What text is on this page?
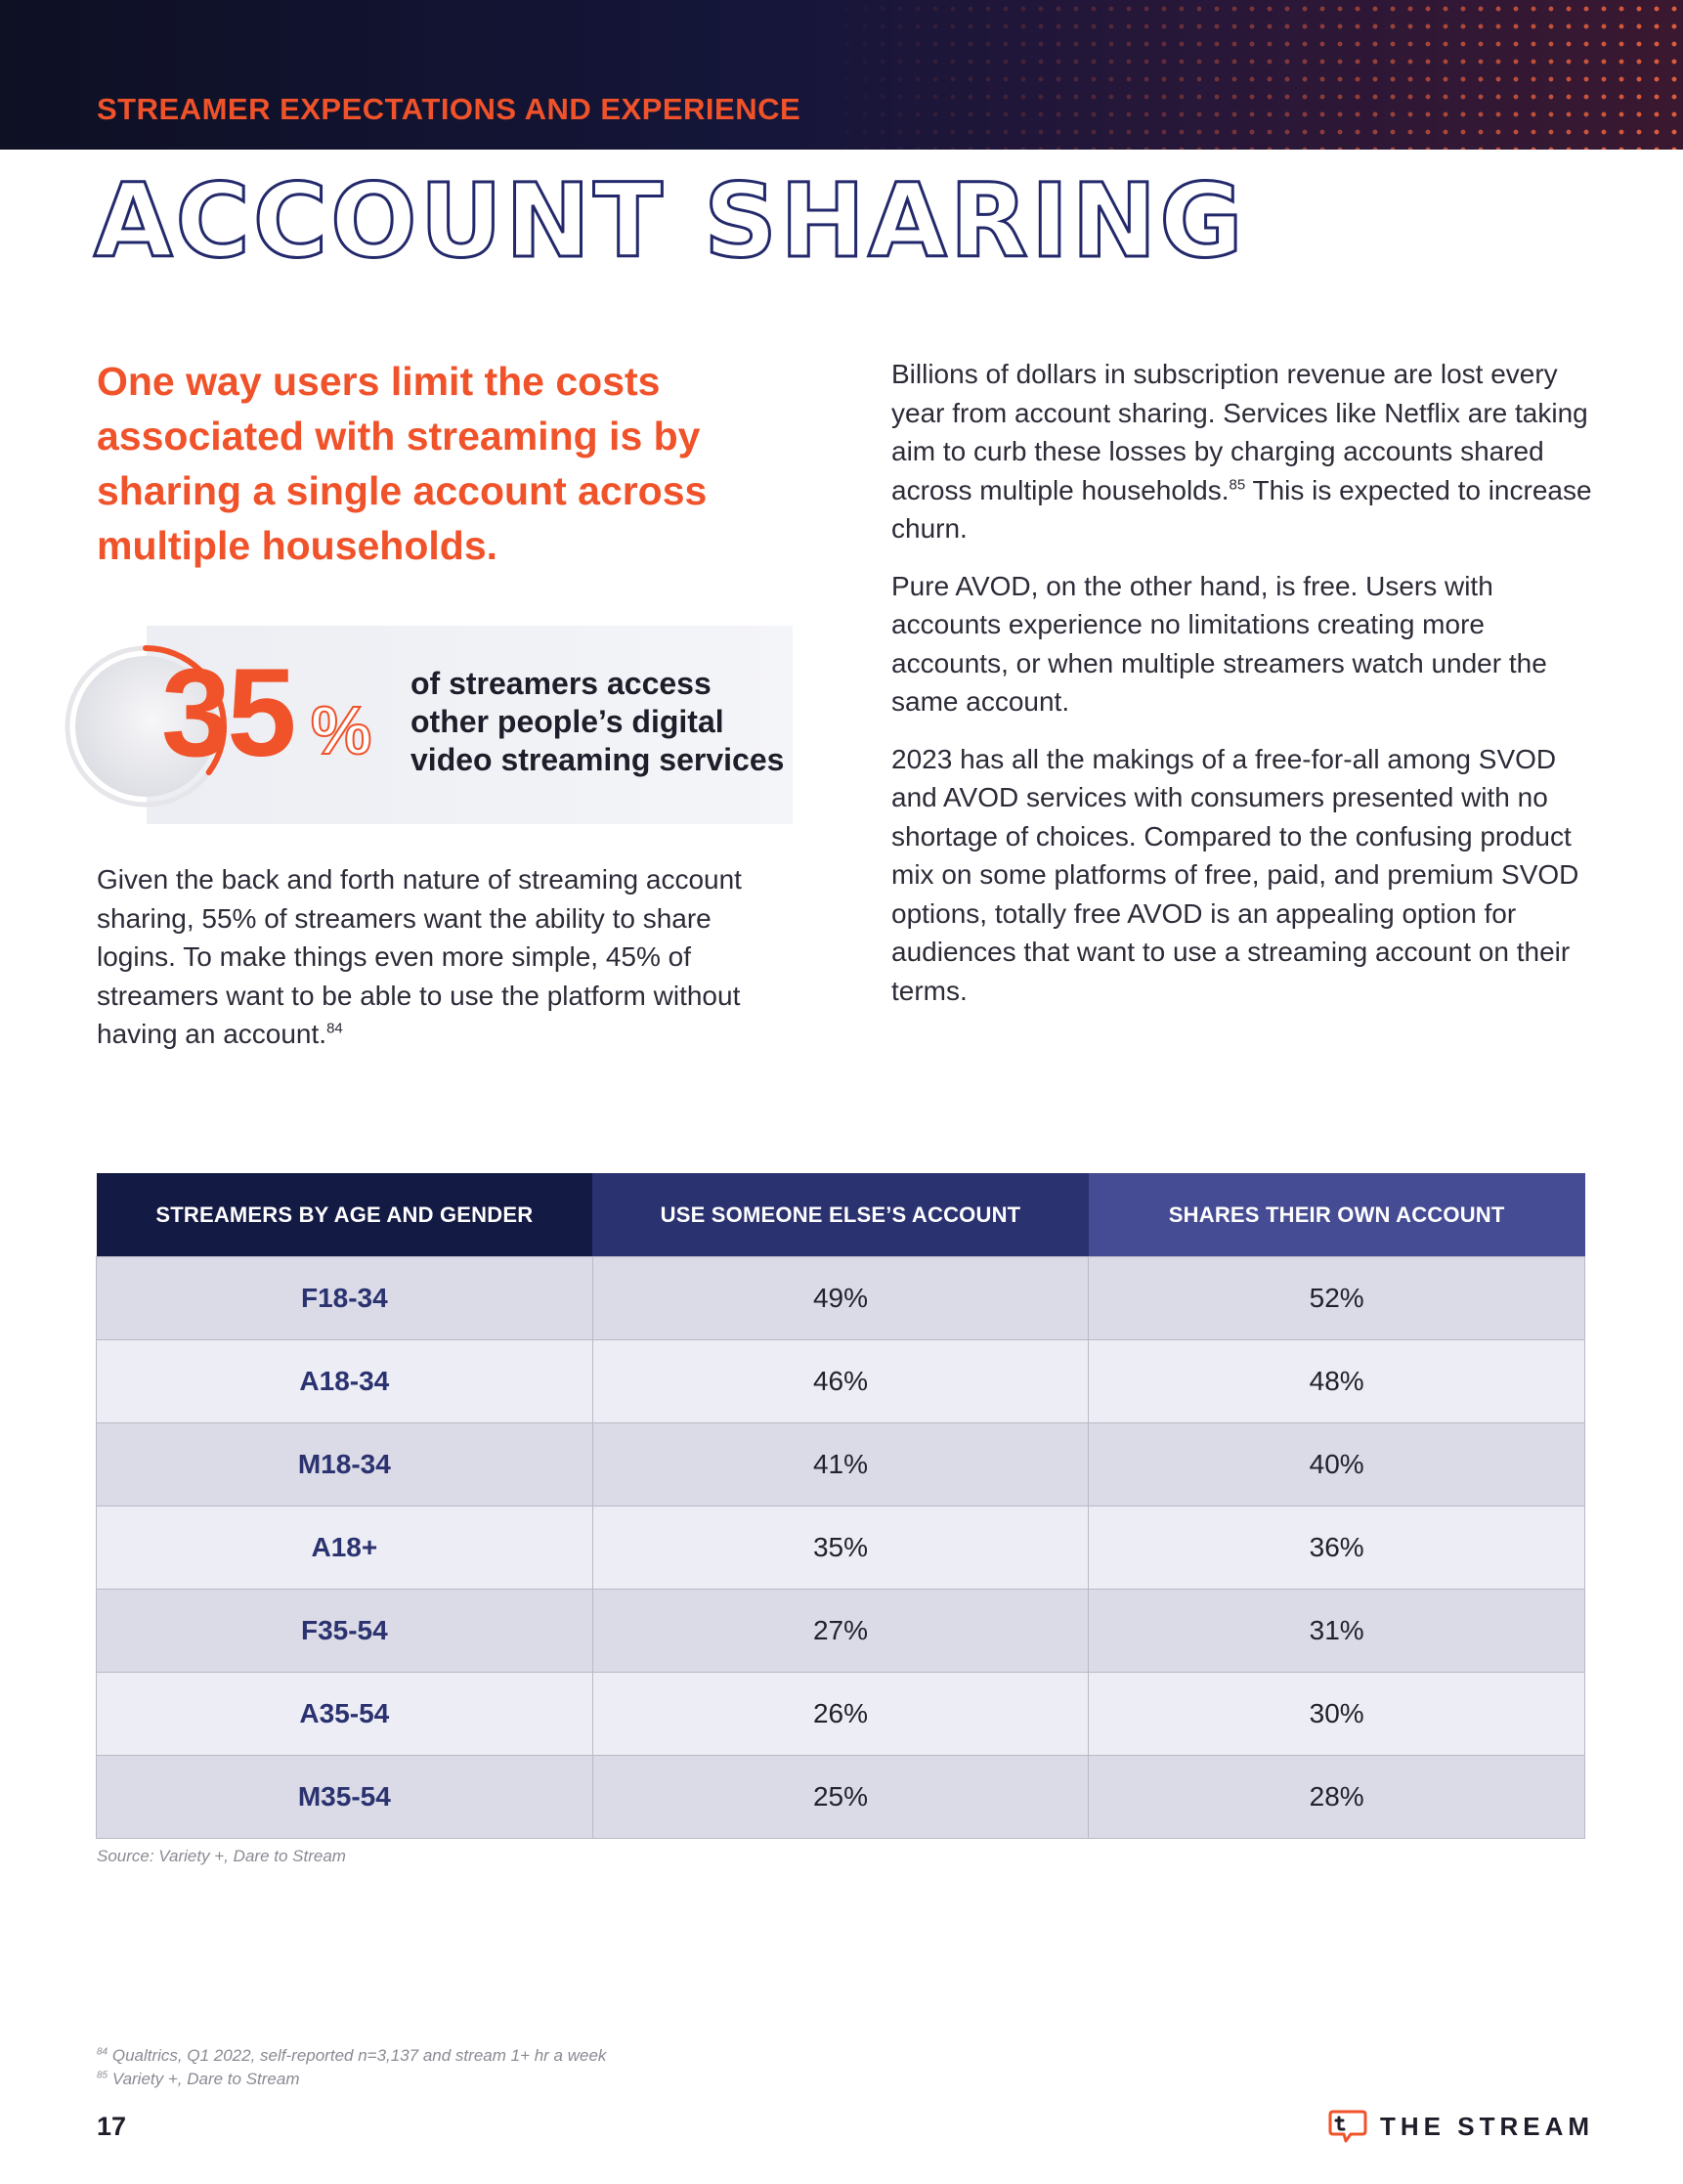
STREAMER EXPECTATIONS AND EXPERIENCE

ACCOUNT SHARING

One way users limit the costs associated with streaming is by sharing a single account across multiple households.

35 %

of streamers access other people’s digital video streaming services

Given the back and forth nature of streaming account sharing, 55% of streamers want the ability to share logins. To make things even more simple, 45% of streamers want to be able to use the platform without having an account.$^{84}$

Billions of dollars in subscription revenue are lost every year from account sharing. Services like Netflix are taking aim to curb these losses by charging accounts shared across multiple households.$^{85}$ This is expected to increase churn.

Pure AVOD, on the other hand, is free. Users with accounts experience no limitations creating more accounts, or when multiple streamers watch under the same account.

2023 has all the makings of a free-for-all among SVOD and AVOD services with consumers presented with no shortage of choices. Compared to the confusing product mix on some platforms of free, paid, and premium SVOD options, totally free AVOD is an appealing option for audiences that want to use a streaming account on their terms.

STREAMERS BY AGE AND GENDER	USE SOMEONE ELSE’S ACCOUNT	SHARES THEIR OWN ACCOUNT
F18-34	49%	52%
A18-34	46%	48%
M18-34	41%	40%
A18+	35%	36%
F35-54	27%	31%
A35-54	26%	30%
M35-54	25%	28%

Source: Variety +, Dare to Stream

$^{84}$ Qualtrics, Q1 2022, self-reported n=3,137 and stream 1+ hr a week

$^{85}$ Variety +, Dare to Stream

17	THE STREAM
